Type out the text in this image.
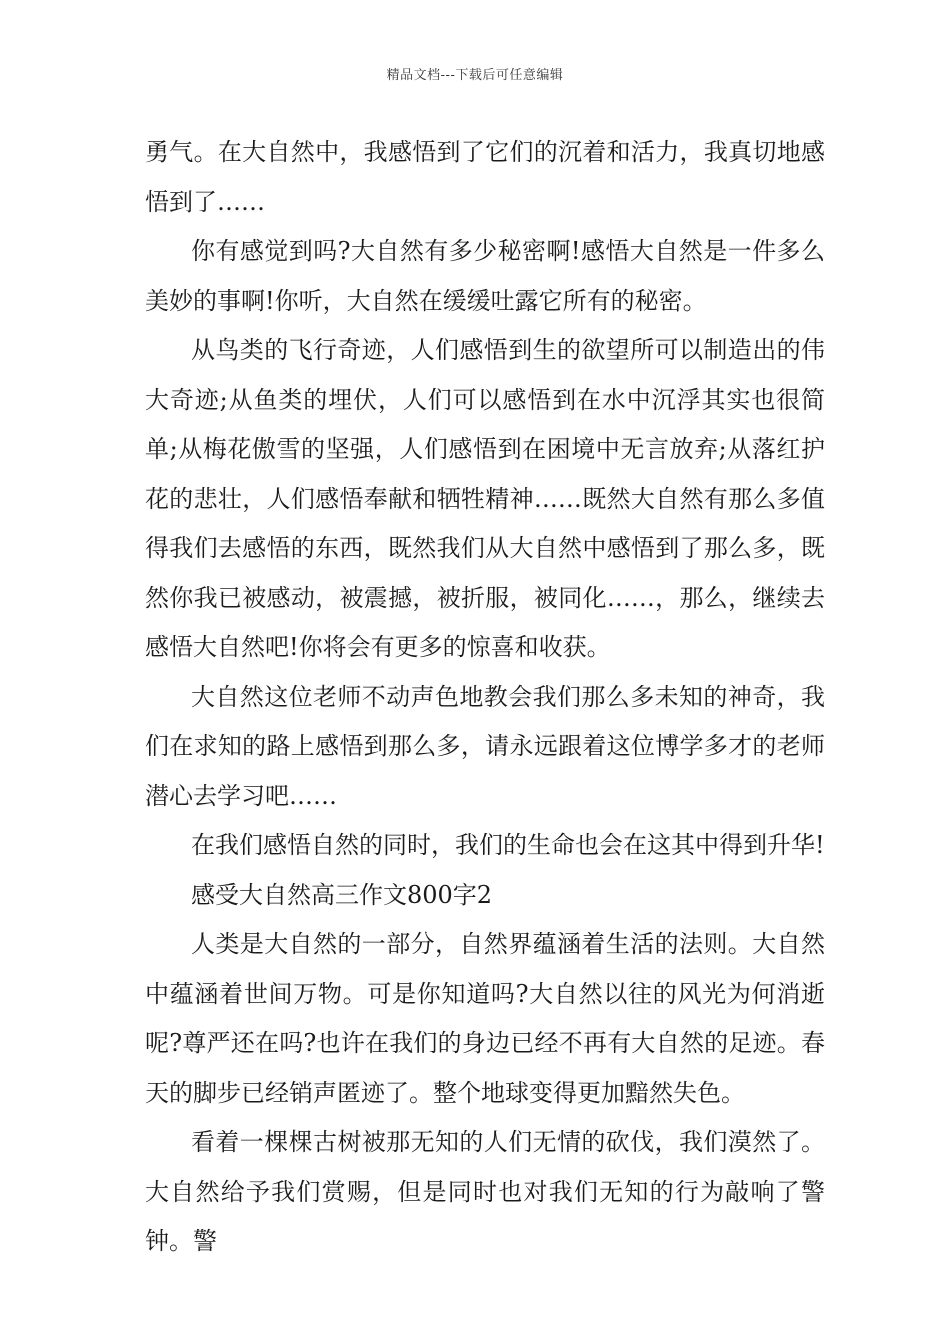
精品文档---下载后可任意编辑

勇气。在大自然中，我感悟到了它们的沉着和活力，我真切地感悟到了……

你有感觉到吗?大自然有多少秘密啊!感悟大自然是一件多么美妙的事啊!你听，大自然在缓缓吐露它所有的秘密。

从鸟类的飞行奇迹，人们感悟到生的欲望所可以制造出的伟大奇迹;从鱼类的埋伏，人们可以感悟到在水中沉浮其实也很简单;从梅花傲雪的坚强，人们感悟到在困境中无言放弃;从落红护花的悲壮，人们感悟奉献和牺牲精神……既然大自然有那么多值得我们去感悟的东西，既然我们从大自然中感悟到了那么多，既然你我已被感动，被震撼，被折服，被同化……，那么，继续去感悟大自然吧!你将会有更多的惊喜和收获。

大自然这位老师不动声色地教会我们那么多未知的神奇，我们在求知的路上感悟到那么多，请永远跟着这位博学多才的老师潜心去学习吧……

在我们感悟自然的同时，我们的生命也会在这其中得到升华!

感受大自然高三作文800字2

人类是大自然的一部分，自然界蕴涵着生活的法则。大自然中蕴涵着世间万物。可是你知道吗?大自然以往的风光为何消逝呢?尊严还在吗?也许在我们的身边已经不再有大自然的足迹。春天的脚步已经销声匿迹了。整个地球变得更加黯然失色。

看着一棵棵古树被那无知的人们无情的砍伐，我们漠然了。大自然给予我们赏赐，但是同时也对我们无知的行为敲响了警钟。警
